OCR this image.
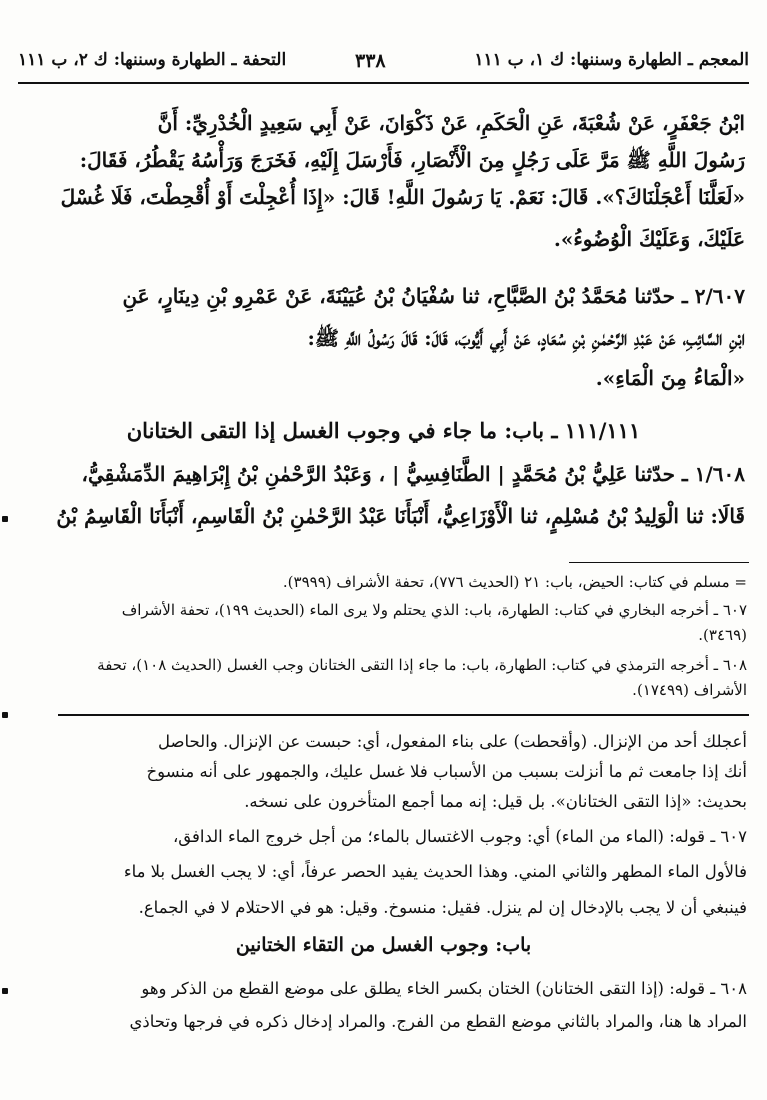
التحفة ـ الطهارة وسننها: ك ٢، ب ١١١	٣٣٨	المعجم ـ الطهارة وسننها: ك ١، ب ١١١
ابْنُ جَعْفَرٍ، عَنْ شُعْبَةَ، عَنِ الْحَكَمِ، عَنْ ذَكْوَانَ، عَنْ أَبِي سَعِيدٍ الْخُدْرِيِّ: أَنَّ
رَسُولَ اللَّهِ ﷺ مَرَّ عَلَى رَجُلٍ مِنَ الْأَنْصَارِ، فَأَرْسَلَ إِلَيْهِ، فَخَرَجَ وَرَأْسُهُ يَقْطُرُ، فَقَالَ:
«لَعَلَّنَا أَعْجَلْنَاكَ؟». قَالَ: نَعَمْ. يَا رَسُولَ اللَّهِ! قَالَ: «إِذَا أُعْجِلْتَ أَوْ أُقْحِطْتَ، فَلَا غُسْلَ
عَلَيْكَ، وَعَلَيْكَ الْوُضُوءُ».
٢/٦٠٧ ـ حدّثنا مُحَمَّدُ بْنُ الصَّبَّاحِ، ثنا سُفْيَانُ بْنُ عُيَيْنَةَ، عَنْ عَمْرِو بْنِ دِينَارٍ، عَنِ
ابْنِ السَّائِبِ، عَنْ عَبْدِ الرَّحْمٰنِ بْنِ سُعَادٍ، عَنْ أَبِي أَيُّوبَ، قَالَ: قَالَ رَسُولُ اللَّهِ ﷺ:
«الْمَاءُ مِنَ الْمَاءِ».
١١١/١١١ ـ باب: ما جاء في وجوب الغسل إذا التقى الختانان
١/٦٠٨ ـ حدّثنا عَلِيُّ بْنُ مُحَمَّدٍ | الطَّنَافِسِيُّ | ، وَعَبْدُ الرَّحْمٰنِ بْنُ إِبْرَاهِيمَ الدِّمَشْقِيُّ،
قَالَا: ثنا الْوَلِيدُ بْنُ مُسْلِمٍ، ثنا الْأَوْزَاعِيُّ، أَنْبَأَنَا عَبْدُ الرَّحْمٰنِ بْنُ الْقَاسِمِ، أَنْبَأَنَا الْقَاسِمُ بْنُ
= مسلم في كتاب: الحيض، باب: ٢١ (الحديث ٧٧٦)، تحفة الأشراف (٣٩٩٩).
٦٠٧ ـ أخرجه البخاري في كتاب: الطهارة، باب: الذي يحتلم ولا يرى الماء (الحديث ١٩٩)، تحفة الأشراف
(٣٤٦٩).
٦٠٨ ـ أخرجه الترمذي في كتاب: الطهارة، باب: ما جاء إذا التقى الختانان وجب الغسل (الحديث ١٠٨)، تحفة
الأشراف (١٧٤٩٩).
أعجلك أحد من الإنزال. (وأقحطت) على بناء المفعول، أي: حبست عن الإنزال. والحاصل
أنك إذا جامعت ثم ما أنزلت بسبب من الأسباب فلا غسل عليك، والجمهور على أنه منسوخ
بحديث: «إذا التقى الختانان». بل قيل: إنه مما أجمع المتأخرون على نسخه.
٦٠٧ ـ قوله: (الماء من الماء) أي: وجوب الاغتسال بالماء؛ من أجل خروج الماء الدافق،
فالأول الماء المطهر والثاني المني. وهذا الحديث يفيد الحصر عرفاً، أي: لا يجب الغسل بلا ماء
فينبغي أن لا يجب بالإدخال إن لم ينزل. فقيل: منسوخ. وقيل: هو في الاحتلام لا في الجماع.
باب: وجوب الغسل من التقاء الختانين
٦٠٨ ـ قوله: (إذا التقى الختانان) الختان بكسر الخاء يطلق على موضع القطع من الذكر وهو
المراد ها هنا، والمراد بالثاني موضع القطع من الفرج. والمراد إدخال ذكره في فرجها وتحاذي
